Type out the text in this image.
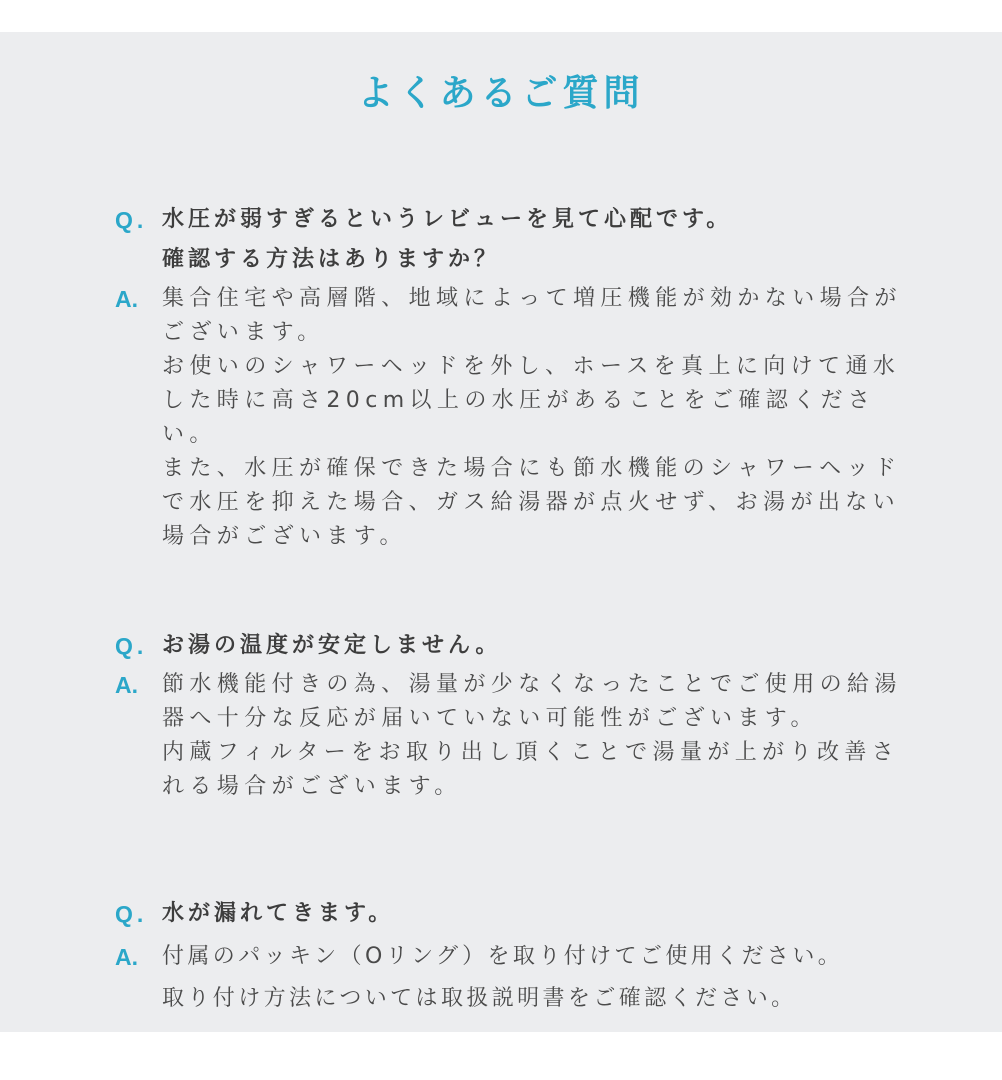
よくあるご質問
Q. 水圧が弱すぎるというレビューを見て心配です。
確認する方法はありますか？
A. 集合住宅や高層階、地域によって増圧機能が効かない場合がございます。
お使いのシャワーヘッドを外し、ホースを真上に向けて通水した時に高さ20cm以上の水圧があることをご確認ください。
また、水圧が確保できた場合にも節水機能のシャワーヘッドで水圧を抑えた場合、ガス給湯器が点火せず、お湯が出ない場合がございます。
Q. お湯の温度が安定しません。
A. 節水機能付きの為、湯量が少なくなったことでご使用の給湯器へ十分な反応が届いていない可能性がございます。
内蔵フィルターをお取り出し頂くことで湯量が上がり改善される場合がございます。
Q. 水が漏れてきます。
A. 付属のパッキン（Oリング）を取り付けてご使用ください。
取り付け方法については取扱説明書をご確認ください。
